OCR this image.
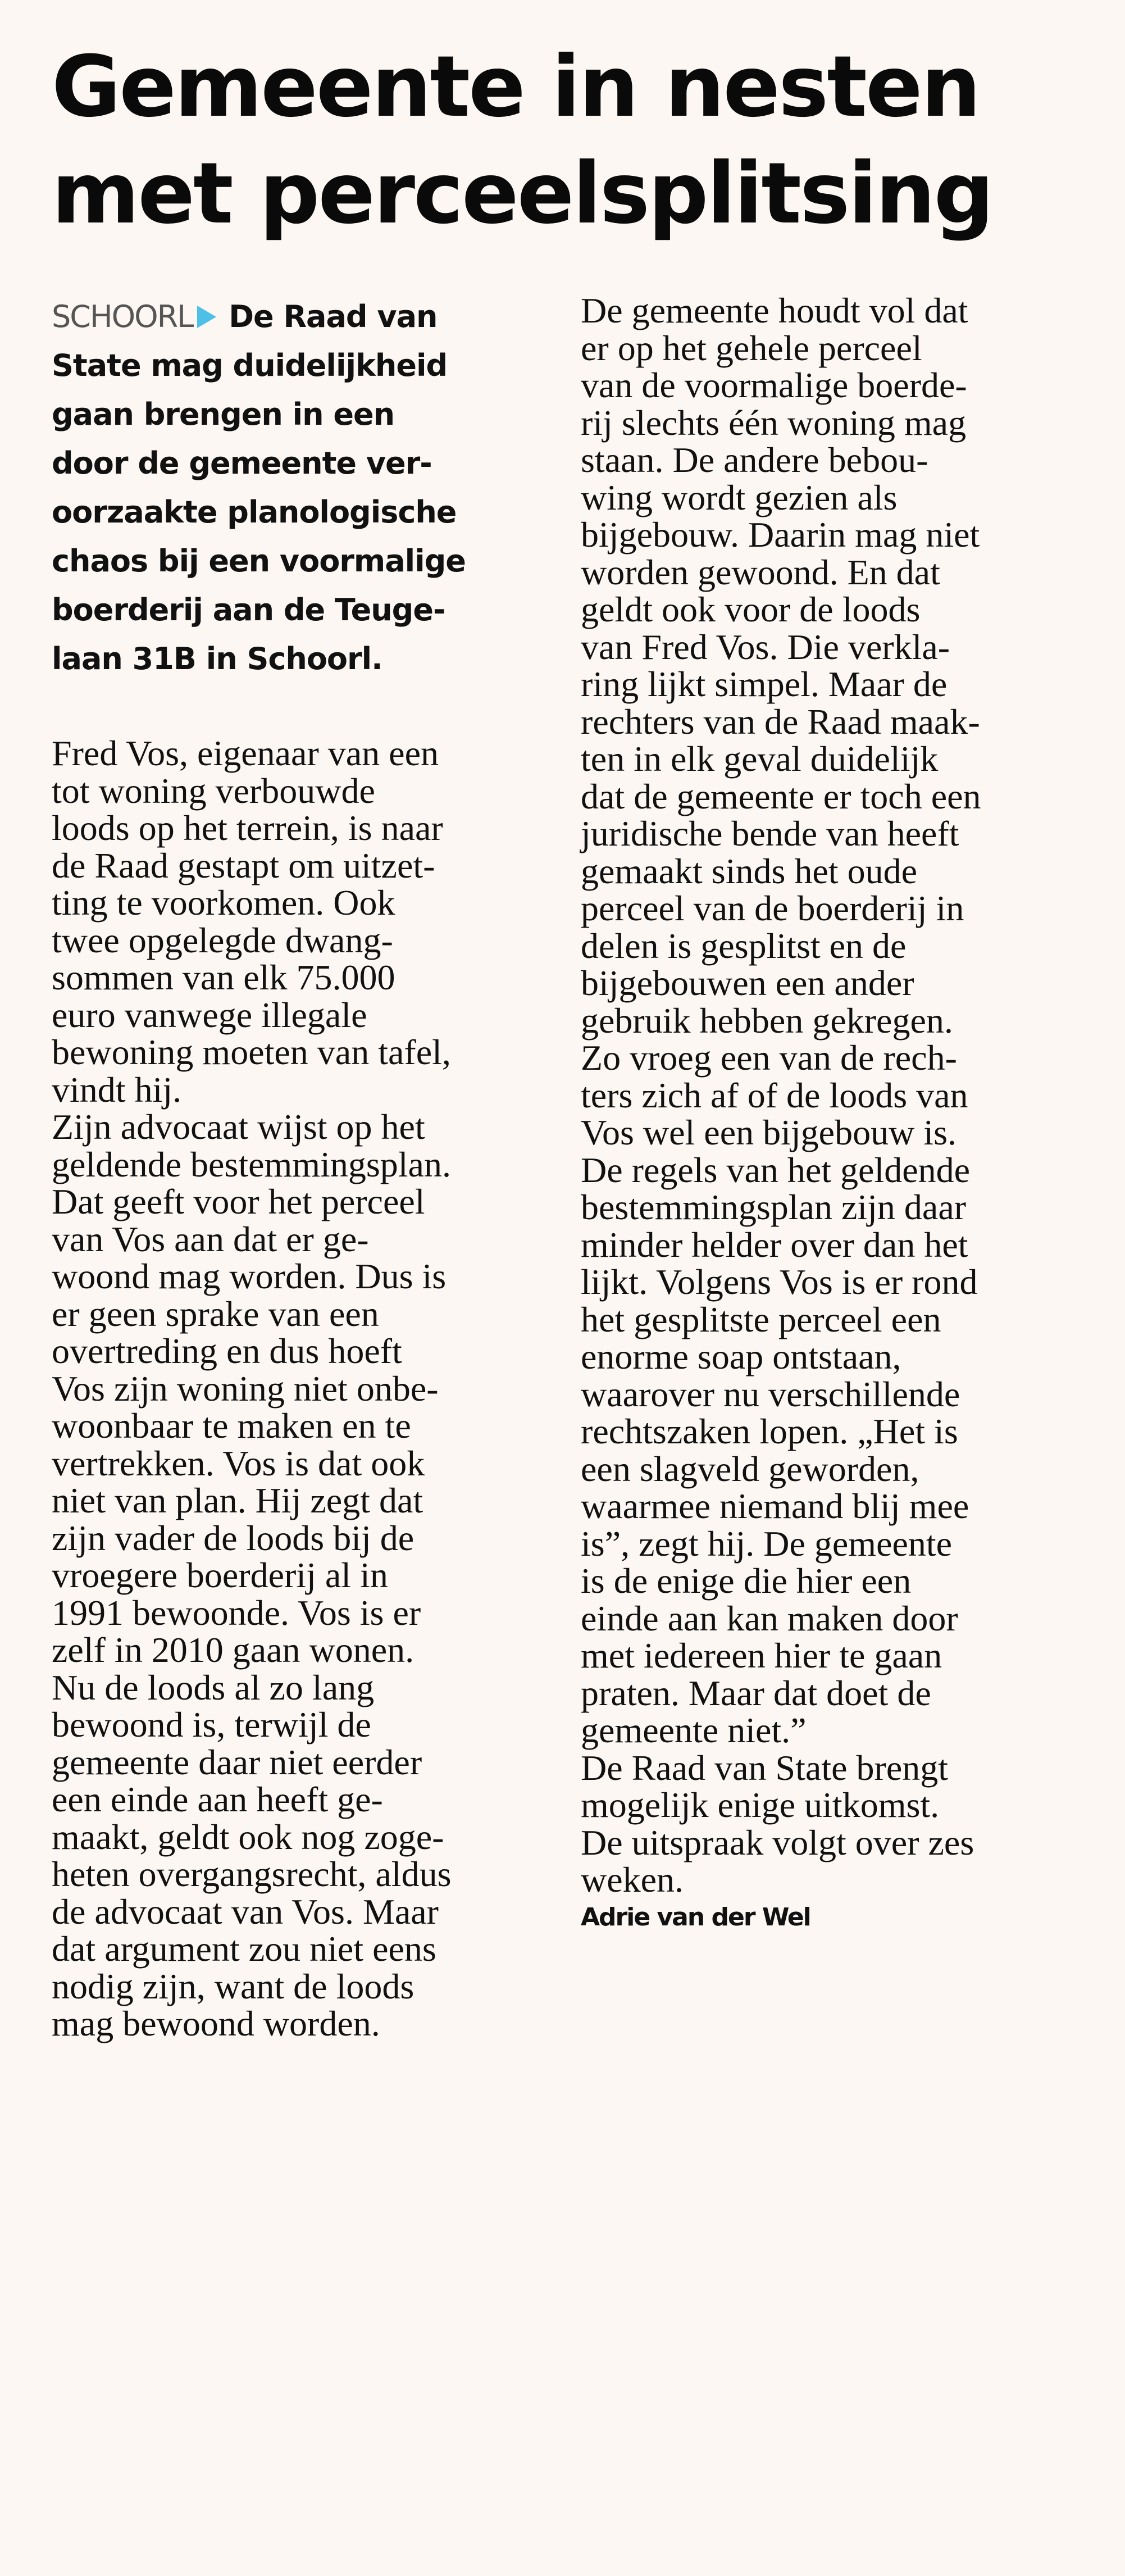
Gemeente in nesten
met perceelsplitsing

SCHOORL De Raad van
State mag duidelijkheid
gaan brengen in een
door de gemeente ver-
oorzaakte planologische
chaos bij een voormalige
boerderij aan de Teuge-
laan 31B in Schoorl.

Fred Vos, eigenaar van een
tot woning verbouwde
loods op het terrein, is naar
de Raad gestapt om uitzet-
ting te voorkomen. Ook
twee opgelegde dwang-
sommen van elk 75.000
euro vanwege illegale
bewoning moeten van tafel,
vindt hij.
Zijn advocaat wijst op het
geldende bestemmingsplan.
Dat geeft voor het perceel
van Vos aan dat er ge-
woond mag worden. Dus is
er geen sprake van een
overtreding en dus hoeft
Vos zijn woning niet onbe-
woonbaar te maken en te
vertrekken. Vos is dat ook
niet van plan. Hij zegt dat
zijn vader de loods bij de
vroegere boerderij al in
1991 bewoonde. Vos is er
zelf in 2010 gaan wonen.
Nu de loods al zo lang
bewoond is, terwijl de
gemeente daar niet eerder
een einde aan heeft ge-
maakt, geldt ook nog zoge-
heten overgangsrecht, aldus
de advocaat van Vos. Maar
dat argument zou niet eens
nodig zijn, want de loods
mag bewoond worden.

De gemeente houdt vol dat
er op het gehele perceel
van de voormalige boerde-
rij slechts één woning mag
staan. De andere bebou-
wing wordt gezien als
bijgebouw. Daarin mag niet
worden gewoond. En dat
geldt ook voor de loods
van Fred Vos. Die verkla-
ring lijkt simpel. Maar de
rechters van de Raad maak-
ten in elk geval duidelijk
dat de gemeente er toch een
juridische bende van heeft
gemaakt sinds het oude
perceel van de boerderij in
delen is gesplitst en de
bijgebouwen een ander
gebruik hebben gekregen.
Zo vroeg een van de rech-
ters zich af of de loods van
Vos wel een bijgebouw is.
De regels van het geldende
bestemmingsplan zijn daar
minder helder over dan het
lijkt. Volgens Vos is er rond
het gesplitste perceel een
enorme soap ontstaan,
waarover nu verschillende
rechtszaken lopen. „Het is
een slagveld geworden,
waarmee niemand blij mee
is”, zegt hij. De gemeente
is de enige die hier een
einde aan kan maken door
met iedereen hier te gaan
praten. Maar dat doet de
gemeente niet.”
De Raad van State brengt
mogelijk enige uitkomst.
De uitspraak volgt over zes
weken.

Adrie van der Wel
